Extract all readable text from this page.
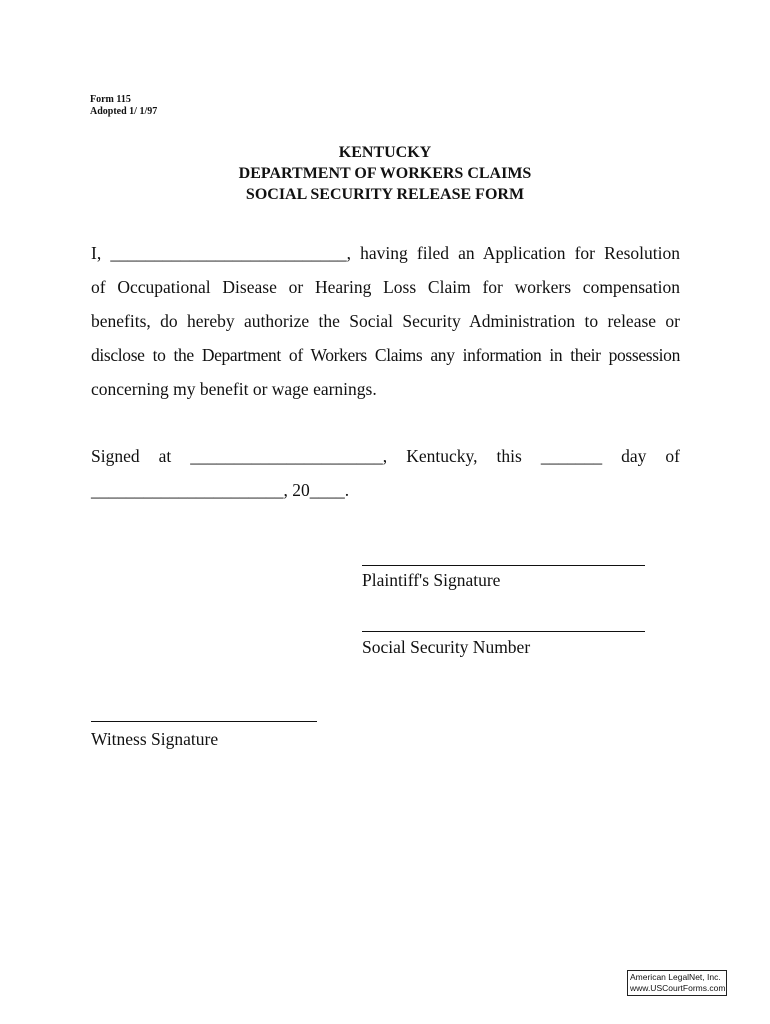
Form 115
Adopted 1/ 1/97
KENTUCKY
DEPARTMENT OF WORKERS CLAIMS
SOCIAL SECURITY RELEASE FORM
I, ___________________________, having filed an Application for Resolution
of Occupational Disease or Hearing Loss Claim for workers compensation
benefits, do hereby authorize the Social Security Administration to release or
disclose to the Department of Workers Claims any information in their possession
concerning my benefit or wage earnings.
Signed at ______________________, Kentucky, this _______ day of
______________________, 20____.
Plaintiff's Signature
Social Security Number
Witness Signature
American LegalNet, Inc.
www.USCourtForms.com
